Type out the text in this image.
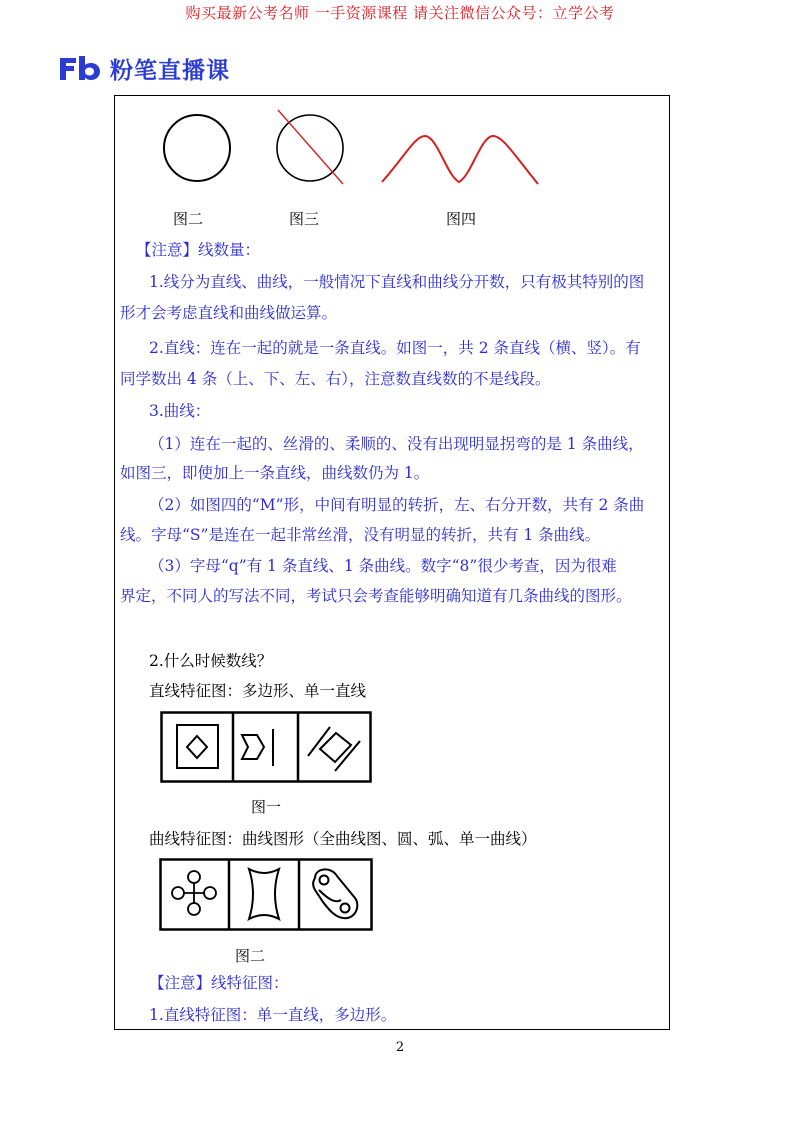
购买最新公考名师 一手资源课程 请关注微信公众号：立学公考
粉笔直播课
图二	图三	图四
【注意】线数量：
1.线分为直线、曲线，一般情况下直线和曲线分开数，只有极其特别的图
形才会考虑直线和曲线做运算。
2.直线：连在一起的就是一条直线。如图一，共 2 条直线（横、竖）。有
同学数出 4 条（上、下、左、右），注意数直线数的不是线段。
3.曲线：
（1）连在一起的、丝滑的、柔顺的、没有出现明显拐弯的是 1 条曲线，
如图三，即使加上一条直线，曲线数仍为 1。
（2）如图四的“M”形，中间有明显的转折，左、右分开数，共有 2 条曲
线。字母“S”是连在一起非常丝滑，没有明显的转折，共有 1 条曲线。
（3）字母“q”有 1 条直线、1 条曲线。数字“8”很少考查，因为很难
界定，不同人的写法不同，考试只会考查能够明确知道有几条曲线的图形。
2.什么时候数线？
直线特征图：多边形、单一直线
图一
曲线特征图：曲线图形（全曲线图、圆、弧、单一曲线）
图二
【注意】线特征图：
1.直线特征图：单一直线，多边形。
2
